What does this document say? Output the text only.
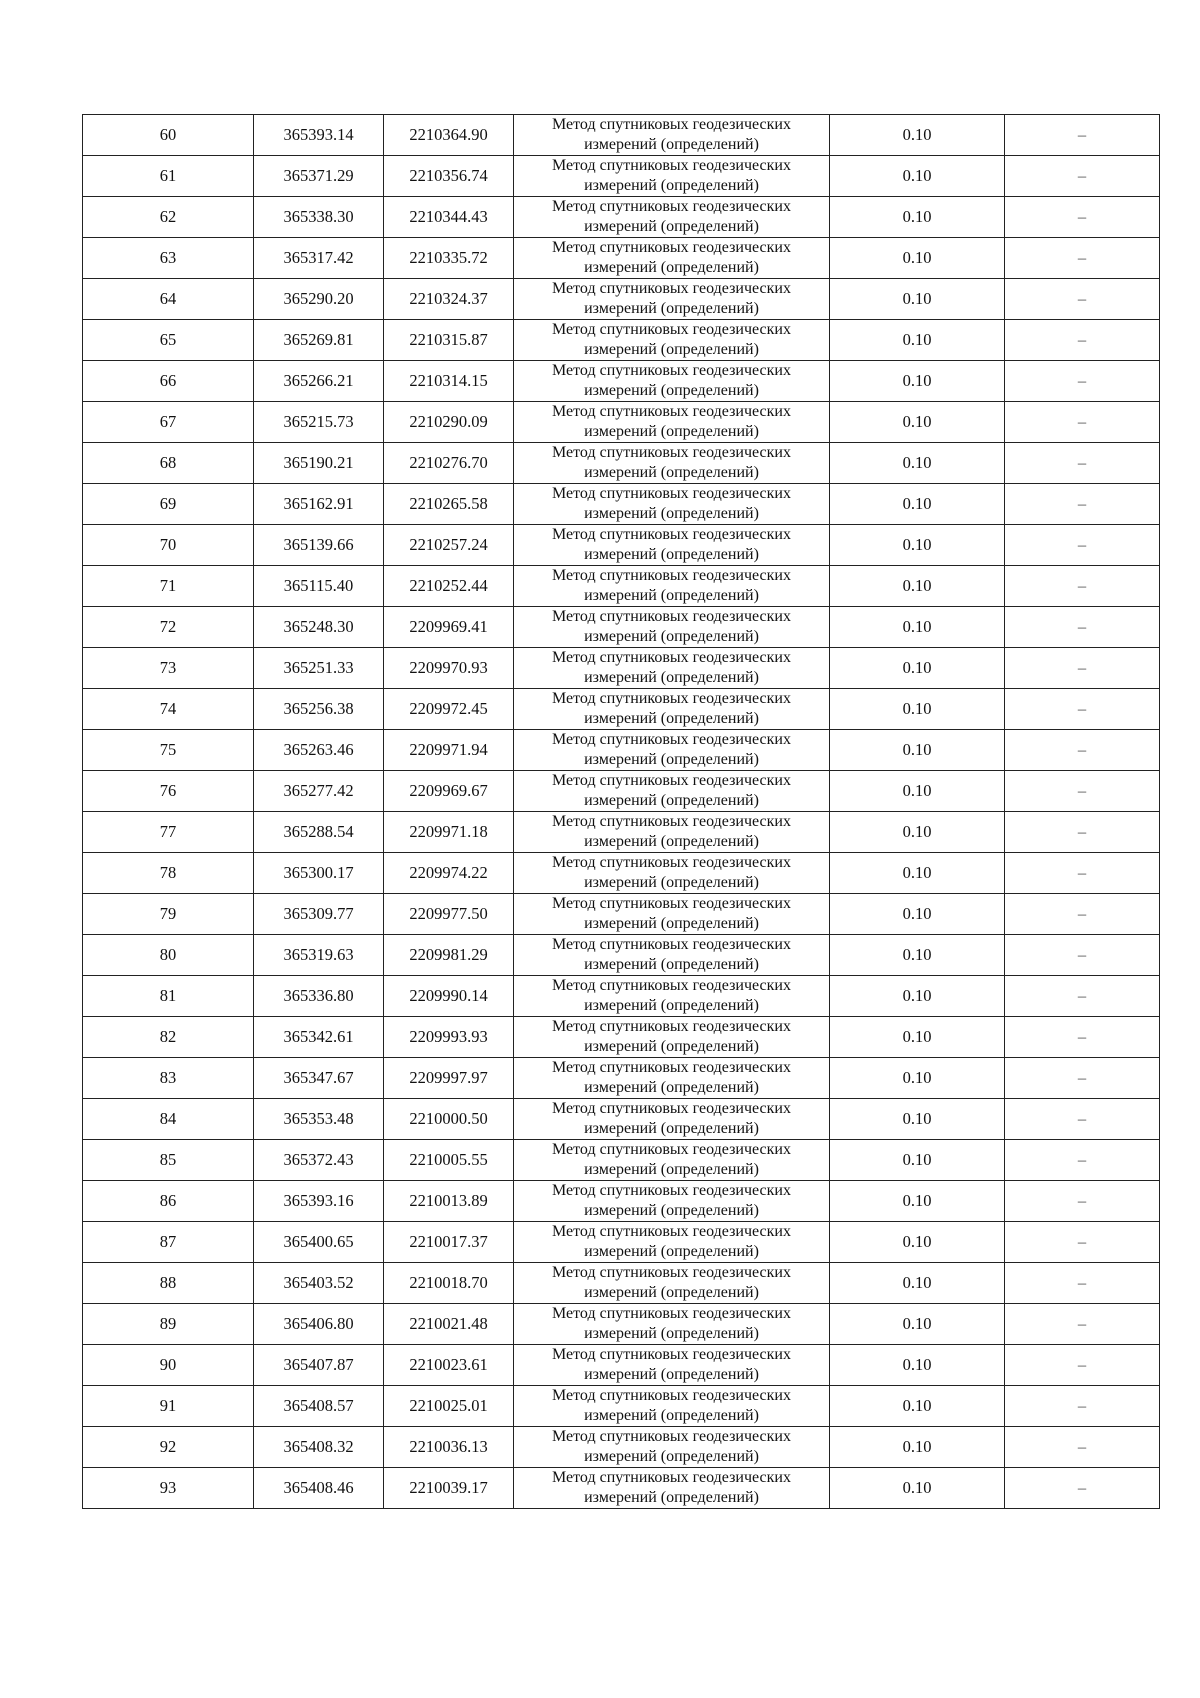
60	365393.14	2210364.90	Метод спутниковых геодезических измерений (определений)	0.10	–
61	365371.29	2210356.74	Метод спутниковых геодезических измерений (определений)	0.10	–
62	365338.30	2210344.43	Метод спутниковых геодезических измерений (определений)	0.10	–
63	365317.42	2210335.72	Метод спутниковых геодезических измерений (определений)	0.10	–
64	365290.20	2210324.37	Метод спутниковых геодезических измерений (определений)	0.10	–
65	365269.81	2210315.87	Метод спутниковых геодезических измерений (определений)	0.10	–
66	365266.21	2210314.15	Метод спутниковых геодезических измерений (определений)	0.10	–
67	365215.73	2210290.09	Метод спутниковых геодезических измерений (определений)	0.10	–
68	365190.21	2210276.70	Метод спутниковых геодезических измерений (определений)	0.10	–
69	365162.91	2210265.58	Метод спутниковых геодезических измерений (определений)	0.10	–
70	365139.66	2210257.24	Метод спутниковых геодезических измерений (определений)	0.10	–
71	365115.40	2210252.44	Метод спутниковых геодезических измерений (определений)	0.10	–
72	365248.30	2209969.41	Метод спутниковых геодезических измерений (определений)	0.10	–
73	365251.33	2209970.93	Метод спутниковых геодезических измерений (определений)	0.10	–
74	365256.38	2209972.45	Метод спутниковых геодезических измерений (определений)	0.10	–
75	365263.46	2209971.94	Метод спутниковых геодезических измерений (определений)	0.10	–
76	365277.42	2209969.67	Метод спутниковых геодезических измерений (определений)	0.10	–
77	365288.54	2209971.18	Метод спутниковых геодезических измерений (определений)	0.10	–
78	365300.17	2209974.22	Метод спутниковых геодезических измерений (определений)	0.10	–
79	365309.77	2209977.50	Метод спутниковых геодезических измерений (определений)	0.10	–
80	365319.63	2209981.29	Метод спутниковых геодезических измерений (определений)	0.10	–
81	365336.80	2209990.14	Метод спутниковых геодезических измерений (определений)	0.10	–
82	365342.61	2209993.93	Метод спутниковых геодезических измерений (определений)	0.10	–
83	365347.67	2209997.97	Метод спутниковых геодезических измерений (определений)	0.10	–
84	365353.48	2210000.50	Метод спутниковых геодезических измерений (определений)	0.10	–
85	365372.43	2210005.55	Метод спутниковых геодезических измерений (определений)	0.10	–
86	365393.16	2210013.89	Метод спутниковых геодезических измерений (определений)	0.10	–
87	365400.65	2210017.37	Метод спутниковых геодезических измерений (определений)	0.10	–
88	365403.52	2210018.70	Метод спутниковых геодезических измерений (определений)	0.10	–
89	365406.80	2210021.48	Метод спутниковых геодезических измерений (определений)	0.10	–
90	365407.87	2210023.61	Метод спутниковых геодезических измерений (определений)	0.10	–
91	365408.57	2210025.01	Метод спутниковых геодезических измерений (определений)	0.10	–
92	365408.32	2210036.13	Метод спутниковых геодезических измерений (определений)	0.10	–
93	365408.46	2210039.17	Метод спутниковых геодезических измерений (определений)	0.10	–
